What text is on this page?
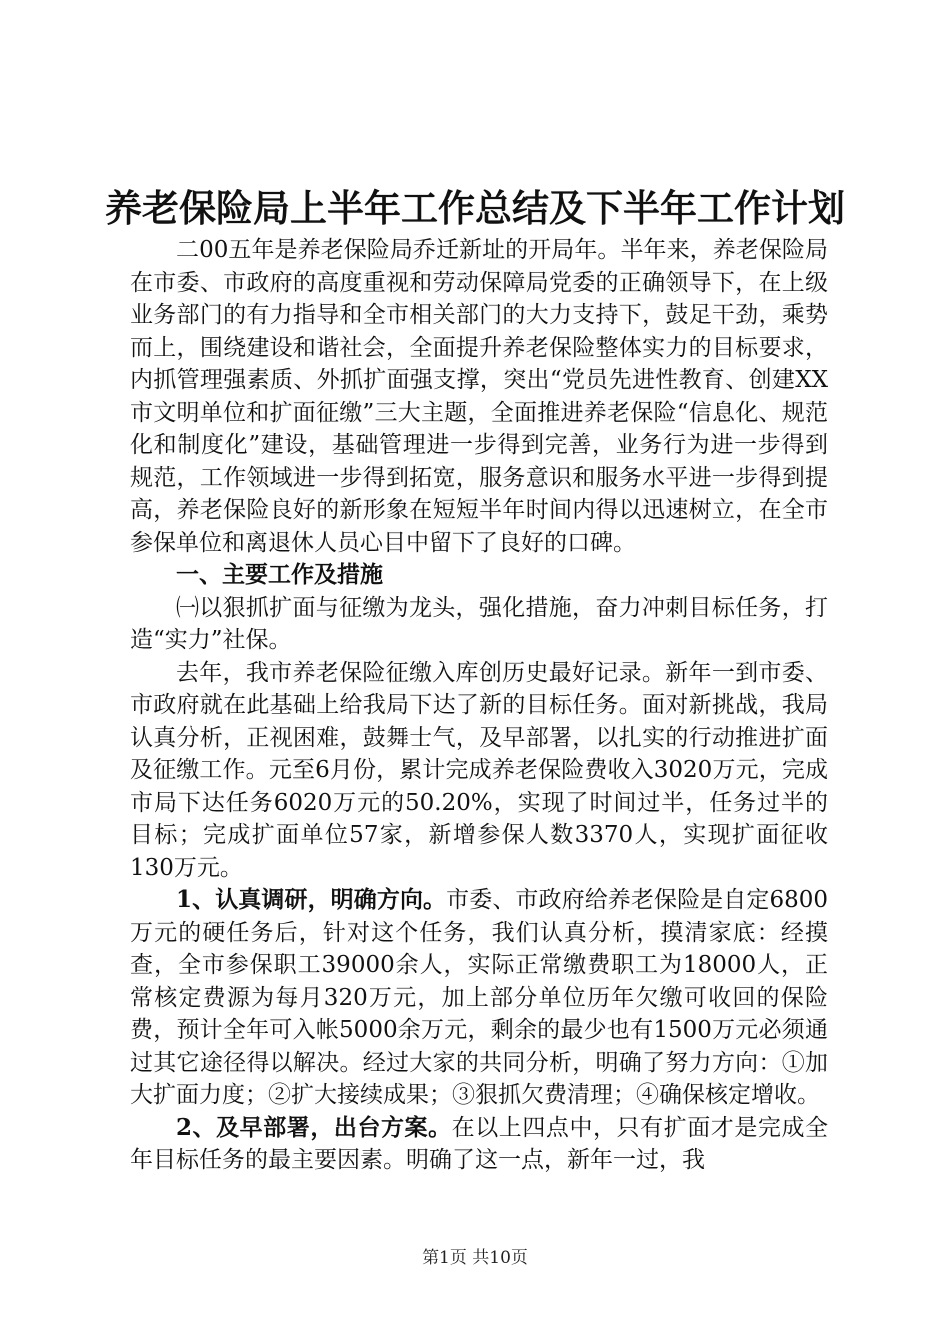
养老保险局上半年工作总结及下半年工作计划

二00五年是养老保险局乔迁新址的开局年。半年来，养老保险局在市委、市政府的高度重视和劳动保障局党委的正确领导下，在上级业务部门的有力指导和全市相关部门的大力支持下，鼓足干劲，乘势而上，围绕建设和谐社会，全面提升养老保险整体实力的目标要求，内抓管理强素质、外抓扩面强支撑，突出“党员先进性教育、创建XX市文明单位和扩面征缴”三大主题，全面推进养老保险“信息化、规范化和制度化”建设，基础管理进一步得到完善，业务行为进一步得到规范，工作领域进一步得到拓宽，服务意识和服务水平进一步得到提高，养老保险良好的新形象在短短半年时间内得以迅速树立，在全市参保单位和离退休人员心目中留下了良好的口碑。

一、主要工作及措施

㈠以狠抓扩面与征缴为龙头，强化措施，奋力冲刺目标任务，打造“实力”社保。

去年，我市养老保险征缴入库创历史最好记录。新年一到市委、市政府就在此基础上给我局下达了新的目标任务。面对新挑战，我局认真分析，正视困难，鼓舞士气，及早部署，以扎实的行动推进扩面及征缴工作。元至6月份，累计完成养老保险费收入3020万元，完成市局下达任务6020万元的50.20%，实现了时间过半，任务过半的目标；完成扩面单位57家，新增参保人数3370人，实现扩面征收130万元。

1、认真调研，明确方向。市委、市政府给养老保险是自定6800万元的硬任务后，针对这个任务，我们认真分析，摸清家底：经摸查，全市参保职工39000余人，实际正常缴费职工为18000人，正常核定费源为每月320万元，加上部分单位历年欠缴可收回的保险费，预计全年可入帐5000余万元，剩余的最少也有1500万元必须通过其它途径得以解决。经过大家的共同分析，明确了努力方向：①加大扩面力度；②扩大接续成果；③狠抓欠费清理；④确保核定增收。

2、及早部署，出台方案。在以上四点中，只有扩面才是完成全年目标任务的最主要因素。明确了这一点，新年一过，我

第1页 共10页
